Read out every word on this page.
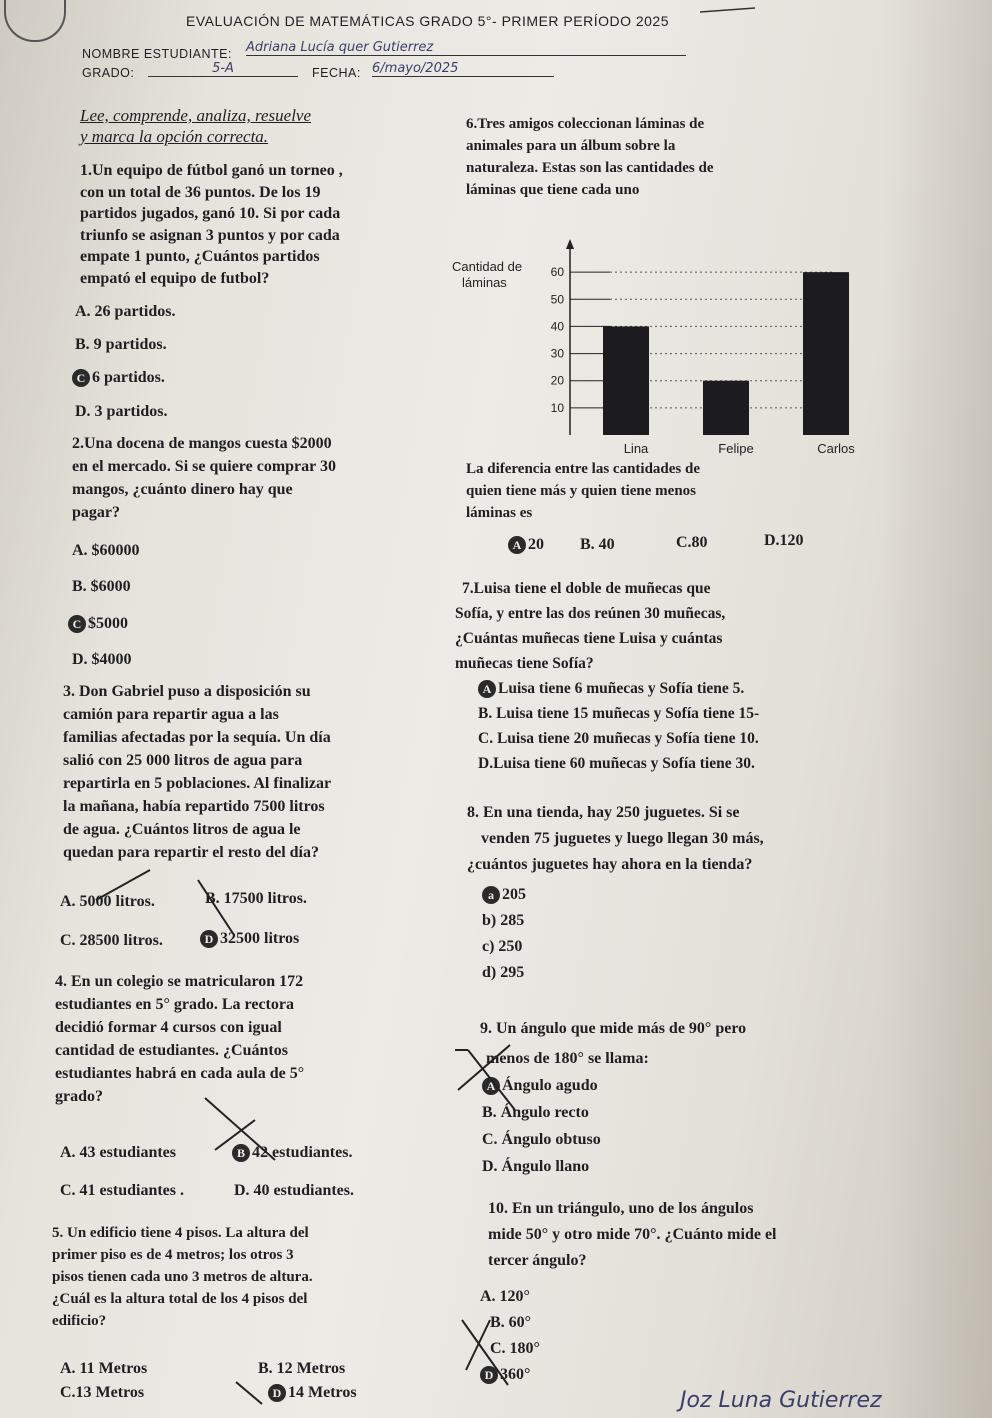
EVALUACIÓN DE MATEMÁTICAS GRADO 5°- PRIMER PERÍODO 2025
NOMBRE ESTUDIANTE: Adriana Lucía quer Gutierrez
GRADO:	5-A	FECHA: 6/mayo/2025
Lee, comprende, analiza, resuelve
y marca la opción correcta.
1.Un equipo de fútbol ganó un torneo ,
con un total de 36 puntos. De los 19
partidos jugados, ganó 10. Si por cada
triunfo se asignan 3 puntos y por cada
empate 1 punto, ¿Cuántos partidos
empató el equipo de futbol?
A. 26 partidos.
B. 9 partidos.
C 6 partidos.
D. 3 partidos.
2.Una docena de mangos cuesta $2000
en el mercado. Si se quiere comprar 30
mangos, ¿cuánto dinero hay que
pagar?
A. $60000
B. $6000
C $5000
D. $4000
3. Don Gabriel puso a disposición su
camión para repartir agua a las
familias afectadas por la sequía. Un día
salió con 25 000 litros de agua para
repartirla en 5 poblaciones. Al finalizar
la mañana, había repartido 7500 litros
de agua. ¿Cuántos litros de agua le
quedan para repartir el resto del día?
A. 5000 litros.	B. 17500 litros.
C. 28500 litros.	D 32500 litros
4. En un colegio se matricularon 172
estudiantes en 5° grado. La rectora
decidió formar 4 cursos con igual
cantidad de estudiantes. ¿Cuántos
estudiantes habrá en cada aula de 5°
grado?
A. 43 estudiantes	B 42 estudiantes.
C. 41 estudiantes .	D. 40 estudiantes.
5. Un edificio tiene 4 pisos. La altura del
primer piso es de 4 metros; los otros 3
pisos tienen cada uno 3 metros de altura.
¿Cuál es la altura total de los 4 pisos del
edificio?
A. 11 Metros	B. 12 Metros
C.13 Metros	D 14 Metros
6.Tres amigos coleccionan láminas de
animales para un álbum sobre la
naturaleza. Estas son las cantidades de
láminas que tiene cada uno
Cantidad de
láminas
60
50
40
30
20
10
Lina	Felipe	Carlos
La diferencia entre las cantidades de
quien tiene más y quien tiene menos
láminas es
A 20 B. 40	C.80	D.120
7.Luisa tiene el doble de muñecas que
Sofía, y entre las dos reúnen 30 muñecas,
¿Cuántas muñecas tiene Luisa y cuántas
muñecas tiene Sofía?
A Luisa tiene 6 muñecas y Sofía tiene 5.
B. Luisa tiene 15 muñecas y Sofía tiene 15-
C. Luisa tiene 20 muñecas y Sofía tiene 10.
D.Luisa tiene 60 muñecas y Sofía tiene 30.
8. En una tienda, hay 250 juguetes. Si se
venden 75 juguetes y luego llegan 30 más,
¿cuántos juguetes hay ahora en la tienda?
a 205
b) 285
c) 250
d) 295
9. Un ángulo que mide más de 90° pero
menos de 180° se llama:
A Ángulo agudo
B. Ángulo recto
C. Ángulo obtuso
D. Ángulo llano
10. En un triángulo, uno de los ángulos
mide 50° y otro mide 70°. ¿Cuánto mide el
tercer ángulo?
A. 120°
B. 60°
C. 180°
D 360°
Joz Luna Gutierrez
